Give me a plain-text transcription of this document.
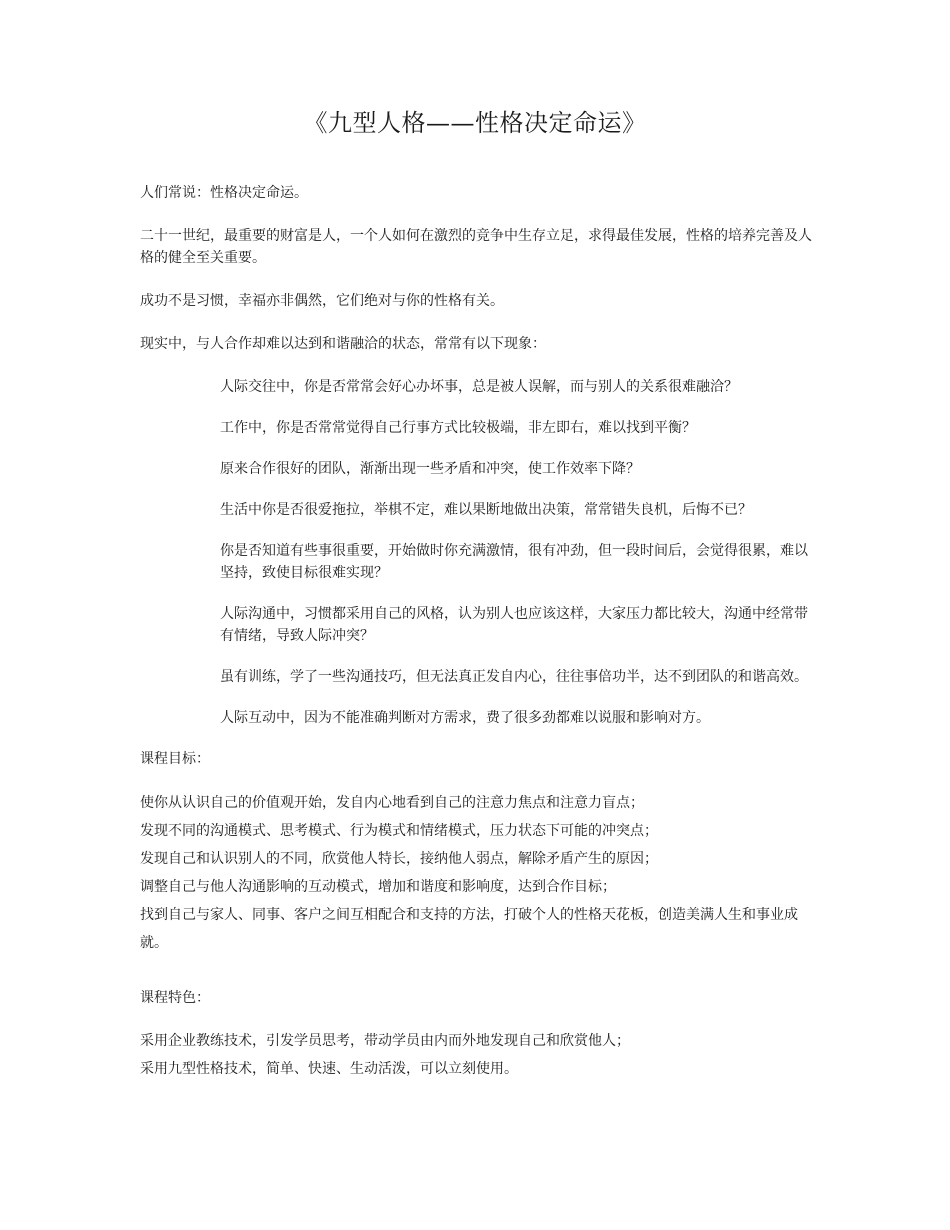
《九型人格——性格决定命运》

人们常说：性格决定命运。

二十一世纪，最重要的财富是人，一个人如何在激烈的竞争中生存立足，求得最佳发展，性格的培养完善及人格的健全至关重要。

成功不是习惯，幸福亦非偶然，它们绝对与你的性格有关。

现实中，与人合作却难以达到和谐融洽的状态，常常有以下现象：

人际交往中，你是否常常会好心办坏事，总是被人误解，而与别人的关系很难融洽？
工作中，你是否常常觉得自己行事方式比较极端，非左即右，难以找到平衡？
原来合作很好的团队，渐渐出现一些矛盾和冲突，使工作效率下降？
生活中你是否很爱拖拉，举棋不定，难以果断地做出决策，常常错失良机，后悔不已？
你是否知道有些事很重要，开始做时你充满激情，很有冲劲，但一段时间后，会觉得很累，难以坚持，致使目标很难实现？
人际沟通中，习惯都采用自己的风格，认为别人也应该这样，大家压力都比较大，沟通中经常带有情绪，导致人际冲突？
虽有训练，学了一些沟通技巧，但无法真正发自内心，往往事倍功半，达不到团队的和谐高效。
人际互动中，因为不能准确判断对方需求，费了很多劲都难以说服和影响对方。

课程目标：

使你从认识自己的价值观开始，发自内心地看到自己的注意力焦点和注意力盲点；
发现不同的沟通模式、思考模式、行为模式和情绪模式，压力状态下可能的冲突点；
发现自己和认识别人的不同，欣赏他人特长，接纳他人弱点，解除矛盾产生的原因；
调整自己与他人沟通影响的互动模式，增加和谐度和影响度，达到合作目标；
找到自己与家人、同事、客户之间互相配合和支持的方法，打破个人的性格天花板，创造美满人生和事业成就。

课程特色：

采用企业教练技术，引发学员思考，带动学员由内而外地发现自己和欣赏他人；
采用九型性格技术，简单、快速、生动活泼，可以立刻使用。
